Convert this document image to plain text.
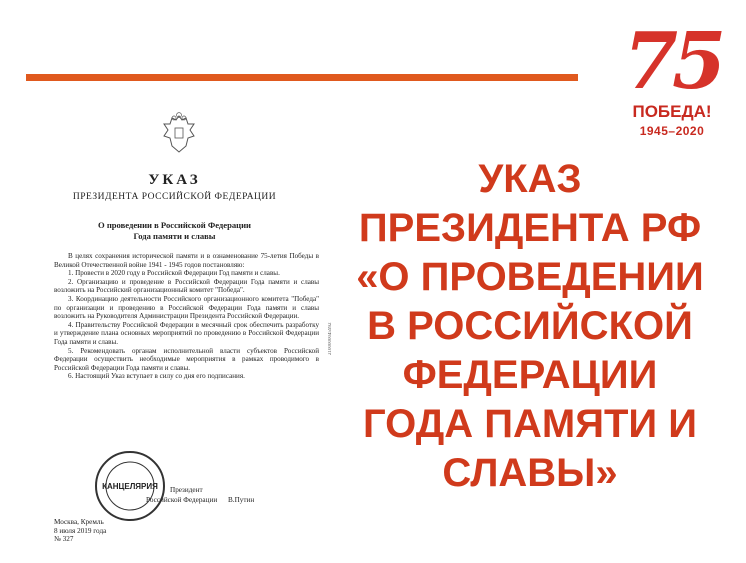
75
ПОБЕДА!
1945–2020
УКАЗ
ПРЕЗИДЕНТА РФ
«О ПРОВЕДЕНИИ
В РОССИЙСКОЙ
ФЕДЕРАЦИИ
ГОДА ПАМЯТИ И
СЛАВЫ»
УКАЗ
ПРЕЗИДЕНТА РОССИЙСКОЙ ФЕДЕРАЦИИ
О проведении в Российской Федерации
Года памяти и славы

В целях сохранения исторической памяти и в ознаменование 75-летия Победы в Великой Отечественной войне 1941 - 1945 годов постановляю:

1. Провести в 2020 году в Российской Федерации Год памяти и славы.

2. Организацию и проведение в Российской Федерации Года памяти и славы возложить на Российский организационный комитет "Победа".

3. Координацию деятельности Российского организационного комитета "Победа" по организации и проведению в Российской Федерации Года памяти и славы возложить на Руководителя Администрации Президента Российской Федерации.

4. Правительству Российской Федерации в месячный срок обеспечить разработку и утверждение плана основных мероприятий по проведению в Российской Федерации Года памяти и славы.

5. Рекомендовать органам исполнительной власти субъектов Российской Федерации осуществить необходимые мероприятия в рамках проводимого в Российской Федерации Года памяти и славы.

6. Настоящий Указ вступает в силу со дня его подписания.

2100000045992
КАНЦЕЛЯРИЯ Президент
Российской Федерации В.Путин
Москва, Кремль
8 июля 2019 года
№ 327
